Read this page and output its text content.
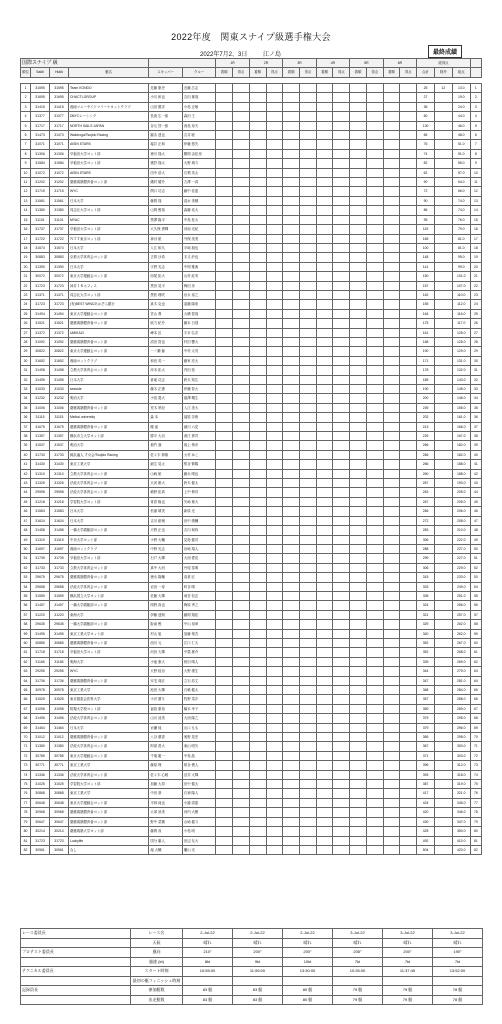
2022年度　関東スナイプ級選手権大会
2022年7月2、3日	江ノ島	最終成績
国際スナイプ 級						1R		2R		3R		4R		5R		6R		総得点			
順位	Sail#	Hull#	艇名	スキッパー	クルー	着順	得点	着順	得点	着順	得点	着順	得点	着順	得点	着順	得点	合計	除外	総点	
1	31595	31595	Team KONDO	近藤 康史	近藤 広志													25	12	13.0	1
2	31695	31695	CHACTI-GROUP	小川 和也	吉田 雄哉													27		19.0	2
3	31415	31415	湘南マニーサイドマリーナヨットクラブ	山田 勝洋	小島 正敏													36		24.0	3
4	31377	31377	DBYCレーシング	長坂 広一郎	森田 王													60		44.0	4
5	31717	31717	NORTH SAILS JAPAN	谷元 啓一郎	西島 寿夫													130		46.0	5
6	31473	31473	Wakinoga/Tsujido Racing	脇永 達也	吉井 聡													65		48.0	6
7	31071	31071	AISIN STARS	堀井 正和	伊藤 悠矢													76		51.0	7
8	31306	31306	早稲田大学ヨット部	徳川 翔太	鶴岡 由佳里													74		51.0	8
9	31584	31584	早稲田大学ヨット部	猪狩 翔太	大野 城斗													82		55.0	9
10	31072	31072	AISIN STARS	田中 浩大	石飛 英太													62		57.0	10
11	31202	31202	慶應義塾體育會ヨット部	磯村 耀介	古澤 一真													90		64.0	11
12	31715	31715	WYC	関口 功志	藤中 佳恵													72		66.0	12
13	31561	31561	日本大学	藤岡 翔	清水 美穂													90		74.0	13
14	31380	31380	同志社大学ヨット部	山岡 俊哉	森藤 祐大													86		74.0	14
15	31101	31101	MYAC	黒澤 隆平	中島 桂太													95		76.0	15
16	31737	31737	早稲田大学ヨット部	大久保 勇輝	河南 光紀													119		79.0	16
17	31722	31722	ＮＴＴ東京ヨット部	神谷 航	外保 美美													165		81.0	17
18	31574	31574	日本大学	入江 和久	平崎 朋也													100		81.0	18
19	30883	30883	京都大学体育会ヨット部	古賀 沙希	木又 紗也													148		95.0	19
20	31390	31390	日本大学	宇野 光志	中岡 雅典													141		99.0	20
21	30072	30072	東京大学運動会ヨット部	西尾 拓大	山村 紘実													150		101.0	21
22	31723	31723	神井ＩＫホフィス	黒田 晃平	梅田 彦													157		107.0	22
23	31371	31371	同志社大学ヨット部	黒松 理咲	岩永 裕之													162		110.0	23
24	31723	31723	(有)BEST WINDあおぞら銀行	真木 克也	遠藤 隆象													155		112.0	24
25	31494	31494	東京大学運動会ヨット部	宮山 尊	大横 智哉													164		116.0	25
26	31521	31521	慶應義塾體育會ヨット部	欧力 紀介	藤本 日毬													175		117.0	26
27	31372	31372	UMIKAZI	峰本 匠	宇多 弘次													161		125.0	27
28	31092	31092	慶應義塾體育會ヨット部	清田 智也	村田 響大													168		126.0	28
29	30822	30822	東京大学運動会ヨット部	一ノ瀬 倫	中村 太茂													190		129.0	29
30	31652	31652	湘南ヨットクラブ	和田 英一	藤家 亮太													171		131.0	30
31	31498	31498	立教大学体育会ヨット部	沖本 紘太	内田 拓													178		132.0	31
32	31495	31495	日本大学	倉地 功志	鈴木 知広													189		143.0	32
33	31033	31033	seaside	藤木 正憲	伊藤 智大													190		145.0	33
34	31232	31232	明治大学	小島 寛大	蔭澤 颯生													200		146.0	34
35	31006	31006	慶應義塾體育會ヨット部	荒木 昂紀	入江 美大													239		155.0	35
36	31115	31115	Meikai university	森 本	福原 奈侑													202		161.0	36
37	31675	31675	慶應義塾體育會ヨット部	陳 遥	細川 六花													213		166.0	37
38	31357	31357	横浜市立大学ヨット部	勝平 大羽	深江 貴司													225		167.0	38
39	31537	31537	明治大学	植竹 遼	坂上 侑市													266		182.0	39
40	31733	31733	鋳浜遍人 才女会/Tsujido Racing	佐々木 伸雄	大村 ゆこ													266		182.0	40
41	31430	31430	東京工業大学	細生 晃太	熊谷 賢陽													266		188.0	41
42	31310	31310	立教大学体育会ヨット部	山崎 航	藤永 晴也													260		188.0	42
43	31326	31326	法政大学体育会ヨット部	大河 雄大	鈴木 健太													267		190.0	43
44	29598	29598	法政大学体育会ヨット部	嶋野 拓真	上中 伸洋													263		205.0	44
45	31218	31218	学習院大学ヨット部	青倉 隆也	矢崎 雄大													267		205.0	45
46	31583	31583	日本大学	松浦 晴美	新原 光													266		206.0	46
47	31624	31624	日本大学	吉川 聡嶺	田中 康輔													272		208.0	47
48	31458	31458	一橋大学端艇部ヨット部	天野 正也	吉川 和弥													283		210.0	48
49	31319	31319	中央大学ヨット部	小野 大輔	見島 健司													306		222.0	49
50	31697	31697	湘南ヨットクラブ	中野 光志	岩崎 翔人													288		227.0	50
51	31739	31739	早稲田大学ヨット部	石戸 大輝	大西 愛花													299		227.0	51
52	31733	31733	立教大学体育会ヨット部	真中 大河	丹尾 泰明													306		229.0	52
53	29675	29675	慶應義塾體育會ヨット部	徳永 隆輔	高倉 匠													315		233.0	53
54	29658	29658	法政大学体育会ヨット部	岩田 一寿	町谷 晴													333		249.0	54
55	31559	31559	横浜国立大学ヨット部	佐藤 大輝	雨宮 信玄													335		251.0	55
56	31457	31457	一橋大学端艇部ヨット部	岡野 真也	梅原 秀之													324		256.0	56
57	31220	31220	東海大学	伊藤 達朗	藤岡 翔佳													321		257.0	57
58	29635	29635	一橋大学端艇部ヨット部	阪南 俊	中山 裕章													329		262.0	58
59	31495	31495	東京工業大学ヨット部	村山 旭	加藤 侑吾													340		262.0	59
60	30885	30885	慶應義塾體育會ヨット部	西川 元	江口 仁大													352		267.0	60
61	31718	31718	早稲田大学ヨット部	河田 大輝	中農 雄介													352		268.0	61
62	31165	31165	明海大学	小池 康大	柏田 晴人													339		269.0	62
63	29255	29255	WYC	大野 稔治	大野 康生													344		279.0	63
64	31736	31736	慶應義塾體育會ヨット部	安宅 周匠	立石 浩丈													347		281.0	64
65	30978	30978	東京工業大学	池田 大輝	石嶋 健太													368		284.0	65
66	31525	31525	東京慈恵会医科大学	小沢 優斗	牧野 菜歩													357		288.0	66
67	31098	31098	防衛大学校ヨット部	福島 康裕	橋本 幸子													359		289.0	67
68	31496	31496	法政大学体育会ヨット部	山川 詩美	大西 隆之													379		295.0	68
69	31464	31464	日本大学	岩瀬 純	山口 もも													379		296.0	69
70	31012	31012	慶應義塾體育會ヨット部	八谷 優香	奥野 晃史													365		298.0	70
71	31380	31380	法政大学体育会ヨット部	阿部 善大	東山 明矢													367		300.0	71
72	30785	30785	東京大学運動会ヨット部	千葉 龍一	中島 晶													371		303.0	72
73	30771	30771	東京工業大学	藤原 理	紙谷 俊人													396		312.0	73
74	31336	31336	法政大学体育会ヨット部	佐々木 心暖	渋井 大輝													393		318.0	74
75	31025	31025	学習院大学ヨット部	加藤 大将	田中 健太													387		319.0	75
76	30868	30868	東京工業大学	中田 基	石神 隆人													417		321.0	76
77	30648	30648	東京大学運動会ヨット部	平林 純也	小瀧 清恵													424		345.0	77
78	30968	30968	慶應義塾體育會ヨット部	大塚 諒美	河内 大樹													420		346.0	78
79	30647	30647	慶應義塾體育會ヨット部	野中 菜穂	山崎 健斗													430		347.0	79
80	30214	30214	慶應義塾大学ヨット部	藤岡 成	小島 明													425		350.0	80
81	31723	31723	Luckylife	国分 庸人	田辺 友大													492		410.0	81
82	30561	30561	なし	堀 大輔	蘭山 光													504		420.0	82
レース委員長	レース名	2-Jul-22	2-Jul-22	2-Jul-22	3-Jul-22	3-Jul-22	3-Jul-22
	天候	晴れ	晴れ	晴れ	晴れ	晴れ	晴れ
プロテスト委員長	風向	210°	200°	200°	205°	200°	190°
	風速 (kt)	8kt	9kt	10kt	7kt	7kt	7kt
テクニカル委員長	スタート時刻	10:55:00	11:55:00	13:30:00	10:35:00	11:37:45	13:52:00
	最初の艇フィニッシュ時刻						
記録員長	参加艇数	83 艇	83 艇	80 艇	79 艇	79 艇	78 艇
	出走艇数	83 艇	83 艇	80 艇	79 艇	79 艇	78 艇
